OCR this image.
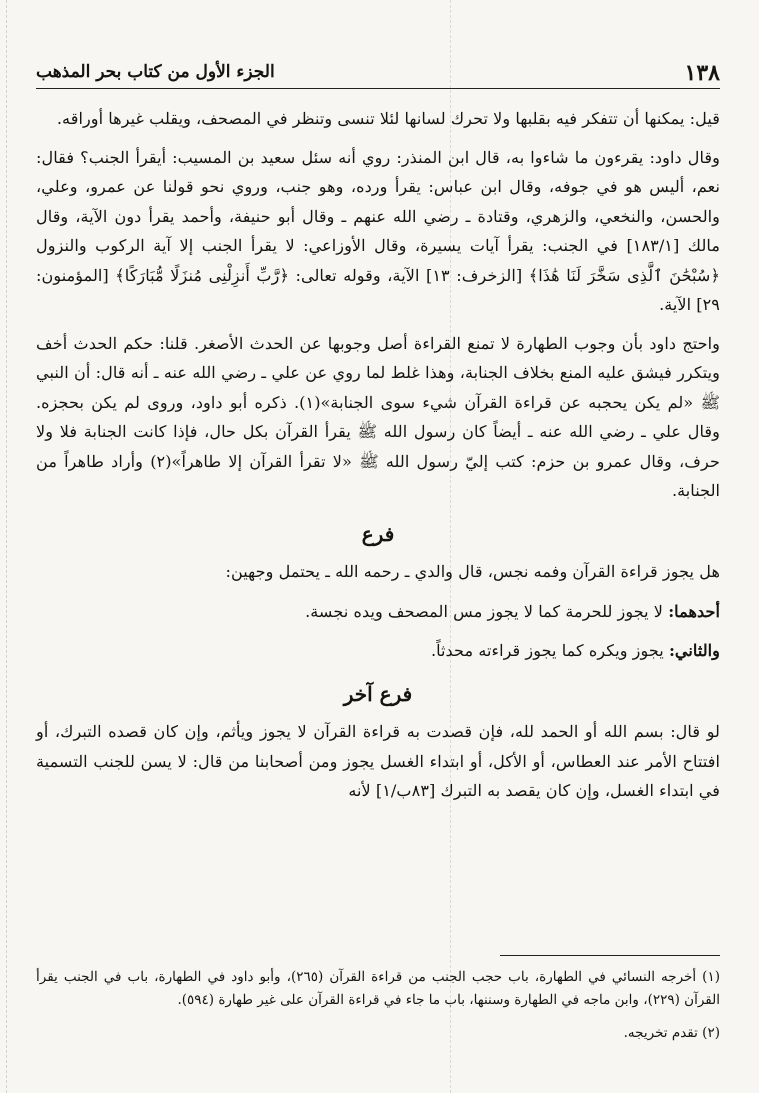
١٣٨
الجزء الأول من كتاب بحر المذهب

قيل: يمكنها أن تتفكر فيه بقلبها ولا تحرك لسانها لئلا تنسى وتنظر في المصحف، ويقلب غيرها أوراقه.

وقال داود: يقرءون ما شاءوا به، قال ابن المنذر: روي أنه سئل سعيد بن المسيب: أيقرأ الجنب؟ فقال: نعم، أليس هو في جوفه، وقال ابن عباس: يقرأ ورده، وهو جنب، وروي نحو قولنا عن عمرو، وعلي، والحسن، والنخعي، والزهري، وقتادة ـ رضي الله عنهم ـ وقال أبو حنيفة، وأحمد يقرأ دون الآية، وقال مالك [١٨٣/١] في الجنب: يقرأ آيات يسيرة، وقال الأوزاعي: لا يقرأ الجنب إلا آية الركوب والنزول ﴿سُبْحَٰنَ ٱلَّذِى سَخَّرَ لَنَا هَٰذَا﴾ [الزخرف: ١٣] الآية، وقوله تعالى: ﴿رَّبِّ أَنزِلْنِى مُنزَلًا مُّبَارَكًا﴾ [المؤمنون: ٢٩] الآية.

واحتج داود بأن وجوب الطهارة لا تمنع القراءة أصل وجوبها عن الحدث الأصغر. قلنا: حكم الحدث أخف ويتكرر فيشق عليه المنع بخلاف الجنابة، وهذا غلط لما روي عن علي ـ رضي الله عنه ـ أنه قال: أن النبي ﷺ «لم يكن يحجبه عن قراءة القرآن شيء سوى الجنابة»(١). ذكره أبو داود، وروى لم يكن بحجزه. وقال علي ـ رضي الله عنه ـ أيضاً كان رسول الله ﷺ يقرأ القرآن بكل حال، فإذا كانت الجنابة فلا ولا حرف، وقال عمرو بن حزم: كتب إليّ رسول الله ﷺ «لا تقرأ القرآن إلا طاهراً»(٢) وأراد طاهراً من الجنابة.

فرع

هل يجوز قراءة القرآن وفمه نجس، قال والدي ـ رحمه الله ـ يحتمل وجهين:

أحدهما: لا يجوز للحرمة كما لا يجوز مس المصحف ويده نجسة.

والثاني: يجوز ويكره كما يجوز قراءته محدثاً.

فرع آخر

لو قال: بسم الله أو الحمد لله، فإن قصدت به قراءة القرآن لا يجوز ويأثم، وإن كان قصده التبرك، أو افتتاح الأمر عند العطاس، أو الأكل، أو ابتداء الغسل يجوز ومن أصحابنا من قال: لا يسن للجنب التسمية في ابتداء الغسل، وإن كان يقصد به التبرك [٨٣ب/١] لأنه

(١) أخرجه النسائي في الطهارة، باب حجب الجنب من قراءة القرآن (٢٦٥)، وأبو داود في الطهارة، باب في الجنب يقرأ القرآن (٢٢٩)، وابن ماجه في الطهارة وسننها، باب ما جاء في قراءة القرآن على غير طهارة (٥٩٤).

(٢) تقدم تخريجه.
